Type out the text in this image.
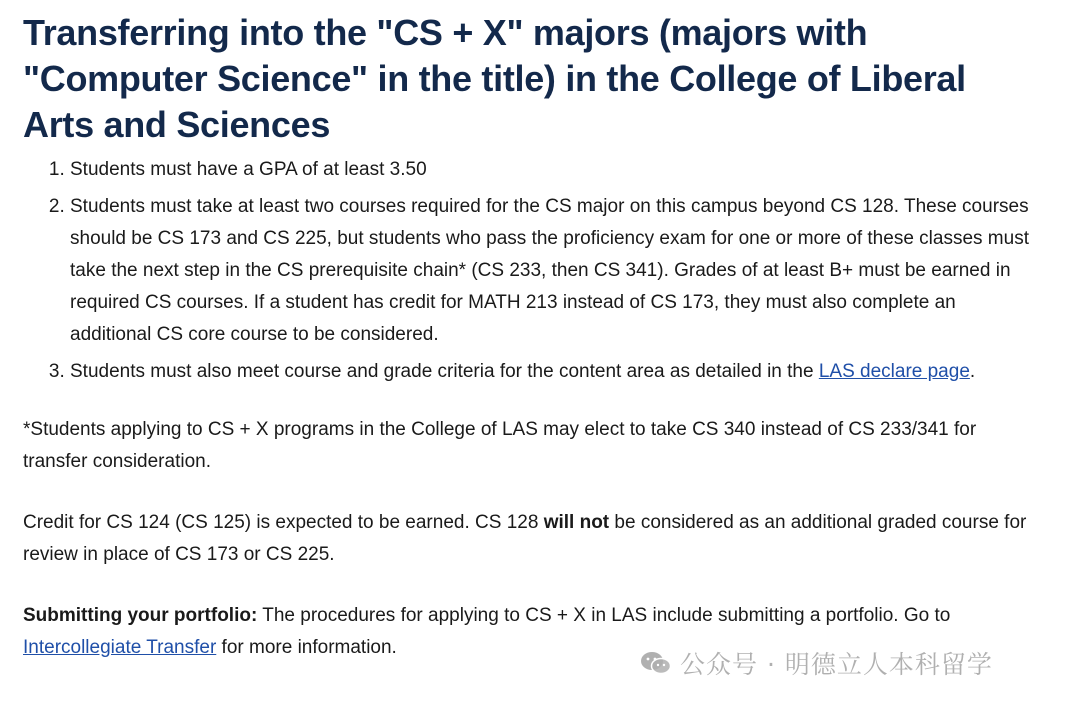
Transferring into the "CS + X" majors (majors with "Computer Science" in the title) in the College of Liberal Arts and Sciences
1. Students must have a GPA of at least 3.50
2. Students must take at least two courses required for the CS major on this campus beyond CS 128. These courses should be CS 173 and CS 225, but students who pass the proficiency exam for one or more of these classes must take the next step in the CS prerequisite chain* (CS 233, then CS 341). Grades of at least B+ must be earned in required CS courses. If a student has credit for MATH 213 instead of CS 173, they must also complete an additional CS core course to be considered.
3. Students must also meet course and grade criteria for the content area as detailed in the LAS declare page.

*Students applying to CS + X programs in the College of LAS may elect to take CS 340 instead of CS 233/341 for transfer consideration.

Credit for CS 124 (CS 125) is expected to be earned. CS 128 will not be considered as an additional graded course for review in place of CS 173 or CS 225.

Submitting your portfolio: The procedures for applying to CS + X in LAS include submitting a portfolio. Go to Intercollegiate Transfer for more information.

公众号 · 明德立人本科留学
